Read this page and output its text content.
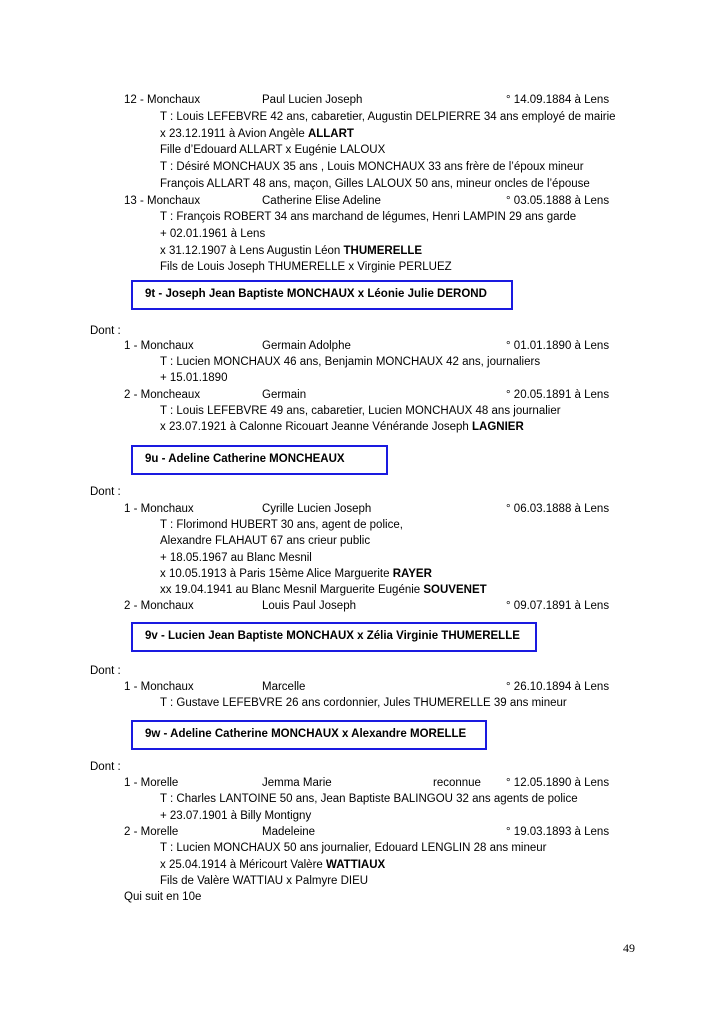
12 - Monchaux	Paul Lucien Joseph	° 14.09.1884 à Lens
T : Louis LEFEBVRE 42 ans, cabaretier, Augustin DELPIERRE 34 ans employé de mairie
x 23.12.1911 à Avion Angèle ALLART
Fille d’Edouard ALLART x Eugénie LALOUX
T : Désiré MONCHAUX 35 ans , Louis MONCHAUX 33 ans frère de l’époux mineur
François ALLART 48 ans, maçon, Gilles LALOUX 50 ans, mineur oncles de l’épouse
13 - Monchaux	Catherine Elise Adeline	° 03.05.1888 à Lens
T : François ROBERT 34 ans marchand de légumes, Henri LAMPIN 29 ans garde
+ 02.01.1961 à Lens
x 31.12.1907 à Lens Augustin Léon THUMERELLE
Fils de Louis Joseph THUMERELLE x Virginie PERLUEZ
9t - Joseph Jean Baptiste MONCHAUX x Léonie Julie DEROND
Dont :
1 - Monchaux	Germain Adolphe	° 01.01.1890 à Lens
T : Lucien MONCHAUX 46 ans, Benjamin MONCHAUX 42 ans, journaliers
+ 15.01.1890
2 - Moncheaux	Germain	° 20.05.1891 à Lens
T : Louis LEFEBVRE 49 ans, cabaretier, Lucien MONCHAUX 48 ans journalier
x 23.07.1921 à Calonne Ricouart Jeanne Vénérande Joseph LAGNIER
9u - Adeline Catherine MONCHEAUX
Dont :
1 - Monchaux	Cyrille Lucien Joseph	° 06.03.1888 à Lens
T : Florimond HUBERT 30 ans, agent de police,
Alexandre FLAHAUT 67 ans crieur public
+ 18.05.1967 au Blanc Mesnil
x 10.05.1913 à Paris 15ème Alice Marguerite RAYER
xx 19.04.1941 au Blanc Mesnil Marguerite Eugénie SOUVENET
2 - Monchaux	Louis Paul Joseph	° 09.07.1891 à Lens
9v - Lucien Jean Baptiste MONCHAUX x Zélia Virginie THUMERELLE
Dont :
1 - Monchaux	Marcelle	° 26.10.1894 à Lens
T : Gustave LEFEBVRE 26 ans cordonnier, Jules THUMERELLE 39 ans mineur
9w - Adeline Catherine MONCHAUX x Alexandre MORELLE
Dont :
1 - Morelle	Jemma Marie	reconnue ° 12.05.1890 à Lens
T : Charles LANTOINE 50 ans, Jean Baptiste BALINGOU 32 ans agents de police
+ 23.07.1901 à Billy Montigny
2 - Morelle	Madeleine	° 19.03.1893 à Lens
T : Lucien MONCHAUX 50 ans journalier, Edouard LENGLIN 28 ans mineur
x 25.04.1914 à Méricourt Valère WATTIAUX
Fils de Valère WATTIAU x Palmyre DIEU
Qui suit en 10e
49
